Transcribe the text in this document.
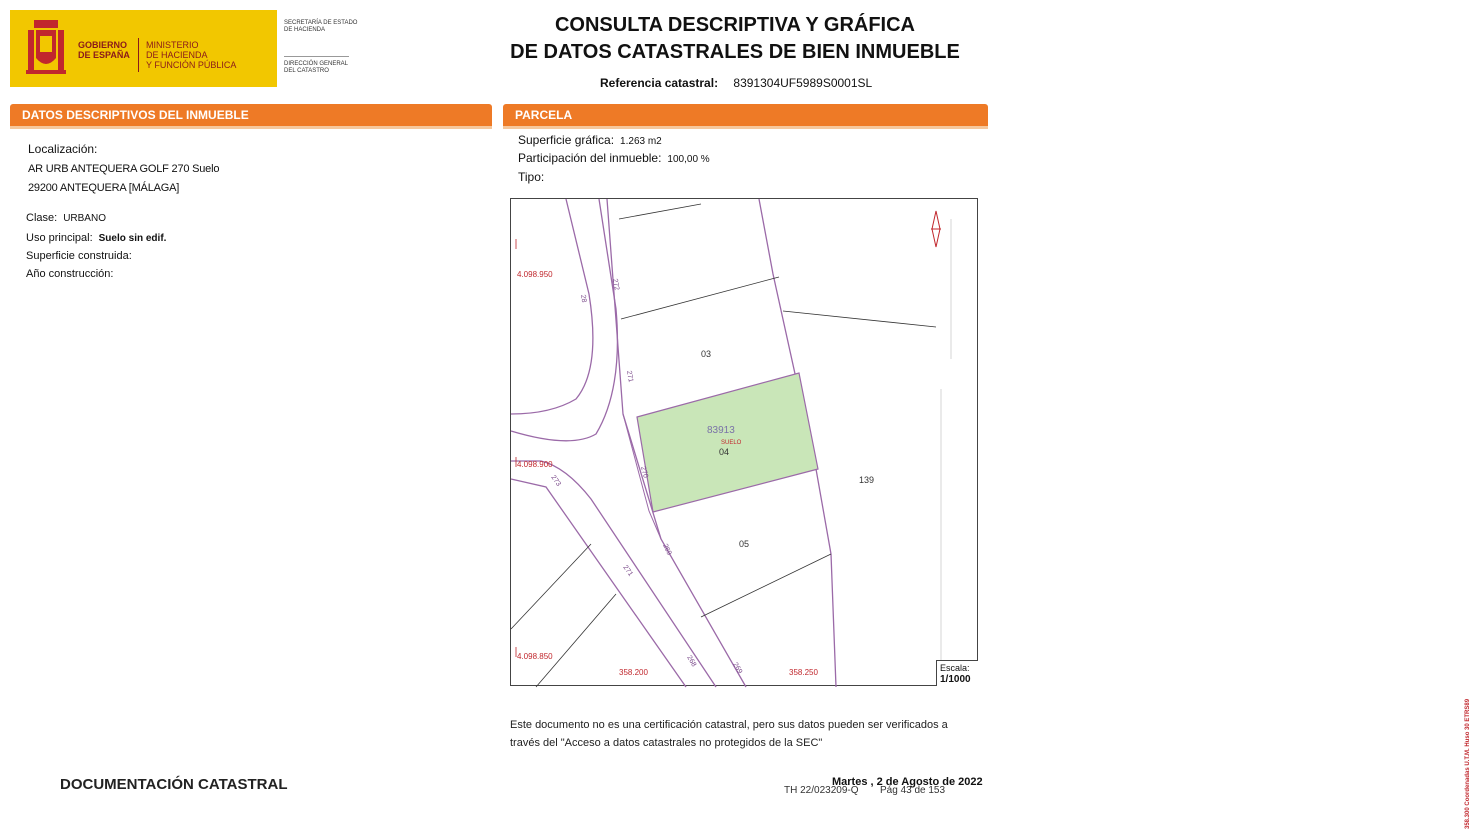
GOBIERNO
DE ESPAÑA
MINISTERIO
DE HACIENDA
Y FUNCIÓN PÚBLICA
SECRETARÍA DE ESTADO
DE HACIENDA
DIRECCIÓN GENERAL
DEL CATASTRO
CONSULTA DESCRIPTIVA Y GRÁFICA
DE DATOS CATASTRALES DE BIEN INMUEBLE
Referencia catastral: 8391304UF5989S0001SL
DATOS DESCRIPTIVOS DEL INMUEBLE	PARCELA
Localización:
AR URB ANTEQUERA GOLF 270 Suelo
29200 ANTEQUERA [MÁLAGA]
Clase: URBANO
Uso principal: Suelo sin edif.
Superficie construida:
Año construcción:
Superficie gráfica: 1.263 m2
Participación del inmueble: 100,00 %
Tipo:
4.098.950
4.098.900
4.098.850
358.200	358.250
83913
SUELO
04
03
05
139
272
271
270
269
28
273
271
268
269
358.300 Coordenadas U.T.M. Huso 30 ETRS89
Escala:
1/1000
Este documento no es una certificación catastral, pero sus datos pueden ser verificados a través del "Acceso a datos catastrales no protegidos de la SEC"
DOCUMENTACIÓN CATASTRAL	Martes , 2 de Agosto de 2022
TH 22/023209-Q Pág 43 de 153
